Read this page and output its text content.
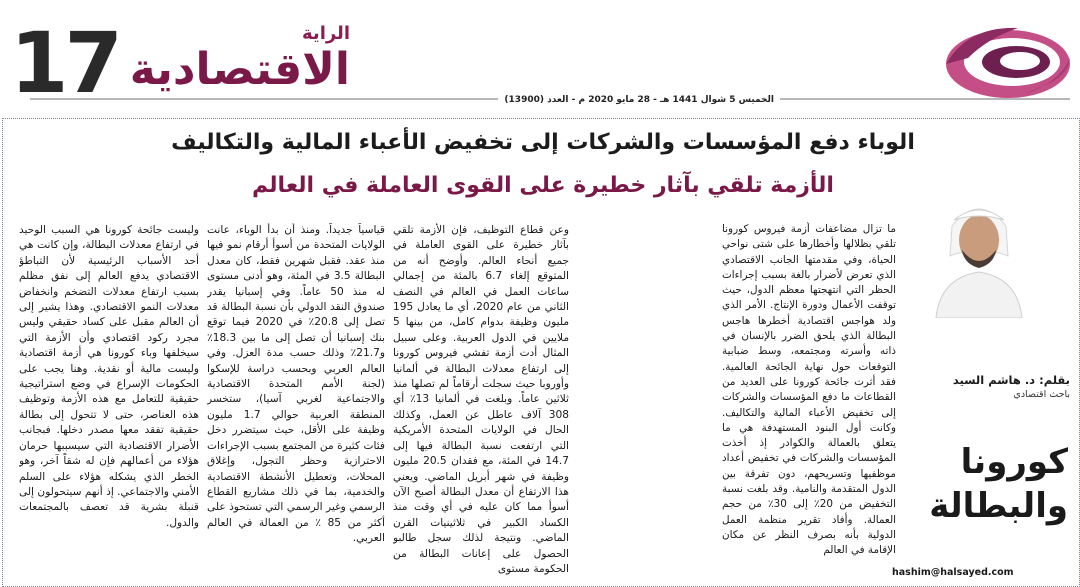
17	الراية
الاقتصادية
الخميس 5 شوال 1441 هـ - 28 مايو 2020 م - العدد (13900)
الوباء دفع المؤسسات والشركات إلى تخفيض الأعباء المالية والتكاليف
الأزمة تلقي بآثار خطيرة على القوى العاملة في العالم

وعن قطاع التوظيف، فإن الأزمة تلقي بآثار خطيرة على القوى العاملة في جميع أنحاء العالم. وأوضح أنه من المتوقع إلغاء 6.7 بالمئة من إجمالي ساعات العمل في العالم في النصف الثاني من عام 2020، أي ما يعادل 195 مليون وظيفة بدوام كامل، من بينها 5 ملايين في الدول العربية. وعلى سبيل المثال أدت أزمة تفشي فيروس كورونا إلى ارتفاع معدلات البطالة في ألمانيا وأوروبا حيث سجلت أرقاماً لم تصلها منذ ثلاثين عاماً. وبلغت في ألمانيا 13٪ أي 308 آلاف عاطل عن العمل، وكذلك الحال في الولايات المتحدة الأمريكية التي ارتفعت نسبة البطالة فيها إلى 14.7 في المئة، مع فقدان 20.5 مليون وظيفة في شهر أبريل الماضي. ويعني هذا الارتفاع أن معدل البطالة أصبح الآن أسوأ مما كان عليه في أي وقت منذ الكساد الكبير في ثلاثينيات القرن الماضي. ونتيجة لذلك سجل طالبو الحصول على إعانات البطالة من الحكومة مستوى

قياسياً جديداً. ومنذ أن بدأ الوباء، عانت الولايات المتحدة من أسوأ أرقام نمو فيها منذ عقد. فقبل شهرين فقط، كان معدل البطالة 3.5 في المئة، وهو أدنى مستوى له منذ 50 عاماً. وفي إسبانيا يقدر صندوق النقد الدولي بأن نسبة البطالة قد تصل إلى 20.8٪ في 2020 فيما توقع بنك إسبانيا أن تصل إلى ما بين 18.3٪ و21.7٪ وذلك حسب مدة العزل. وفي العالم العربي وبحسب دراسة للإسكوا (لجنة الأمم المتحدة الاقتصادية والاجتماعية لغربي آسيا)، ستخسر المنطقة العربية حوالي 1.7 مليون وظيفة على الأقل، حيث سيتضرر دخل فئات كثيرة من المجتمع بسبب الإجراءات الاحترازية وحظر التجول، وإغلاق المحلات، وتعطيل الأنشطة الاقتصادية والخدمية، بما في ذلك مشاريع القطاع الرسمي وغير الرسمي التي تستحوذ على أكثر من 85 ٪ من العمالة في العالم العربي.

وليست جائحة كورونا هي السبب الوحيد في ارتفاع معدلات البطالة، وإن كانت هي أحد الأسباب الرئيسية لأن التباطؤ الاقتصادي يدفع العالم إلى نفق مظلم بسبب ارتفاع معدلات التضخم وانخفاض معدلات النمو الاقتصادي. وهذا يشير إلى أن العالم مقبل على كساد حقيقي وليس مجرد ركود اقتصادي وأن الأزمة التي سيخلفها وباء كورونا هي أزمة اقتصادية وليست مالية أو نقدية. وهنا يجب على الحكومات الإسراع في وضع استراتيجية حقيقية للتعامل مع هذه الأزمة وتوظيف هذه العناصر، حتى لا تتحول إلى بطالة حقيقية تفقد معها مصدر دخلها. فبجانب الأضرار الاقتصادية التي سيسببها حرمان هؤلاء من أعمالهم فإن له شقاً آخر، وهو الخطر الذي يشكله هؤلاء على السلم الأمني والاجتماعي. إذ أنهم سيتحولون إلى قنبلة بشرية قد تعصف بالمجتمعات والدول.

ما تزال مضاعفات أزمة فيروس كورونا تلقي بظلالها وأخطارها على شتى نواحي الحياة، وفي مقدمتها الجانب الاقتصادي الذي تعرض لأضرار بالغة بسبب إجراءات الحظر التي انتهجتها معظم الدول، حيث توقفت الأعمال ودورة الإنتاج. الأمر الذي ولد هواجس اقتصادية أخطرها هاجس البطالة الذي يلحق الضرر بالإنسان في ذاته وأسرته ومجتمعه، وسط ضبابية التوقعات حول نهاية الجائحة العالمية. فقد أثرت جائحة كورونا على العديد من القطاعات ما دفع المؤسسات والشركات إلى تخفيض الأعباء المالية والتكاليف. وكانت أول البنود المستهدفة هي ما يتعلق بالعمالة والكوادر إذ أخذت المؤسسات والشركات في تخفيض أعداد موظفيها وتسريحهم، دون تفرقة بين الدول المتقدمة والنامية. وقد بلغت نسبة التخفيض من 20٪ إلى 30٪ من حجم العمالة. وأفاد تقرير منظمة العمل الدولية بأنه بصرف النظر عن مكان الإقامة في العالم

بقلم: د. هاشم السيد
باحث اقتصادي
كورونا
والبطالة
hashim@halsayed.com
